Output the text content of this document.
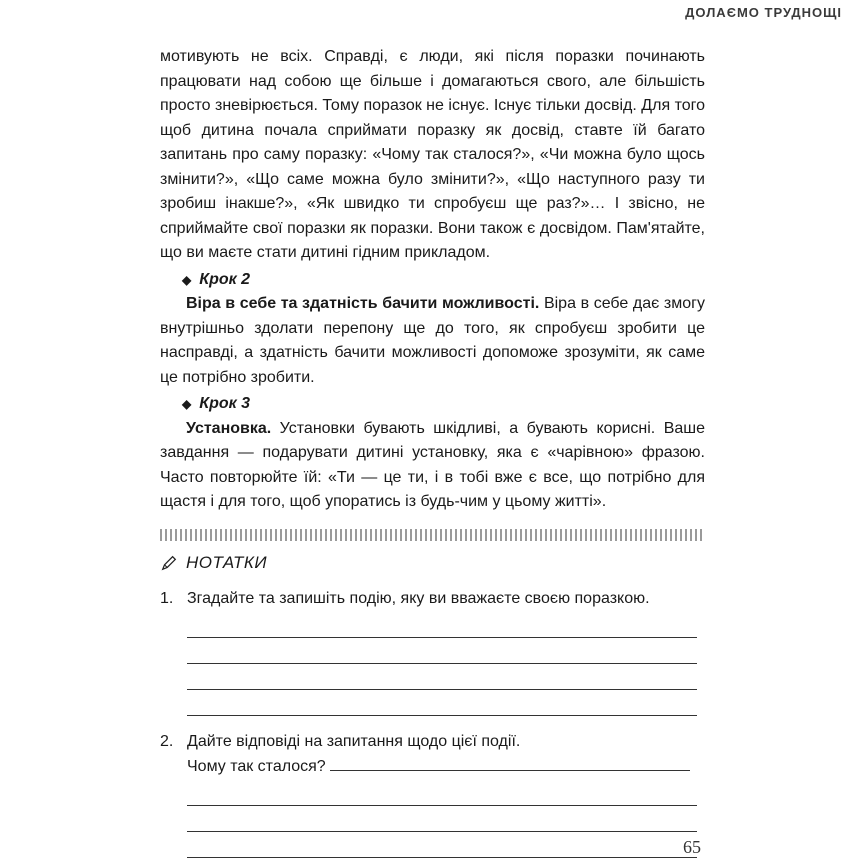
ДОЛАЄМО ТРУДНОЩІ

мотивують не всіх. Справді, є люди, які після поразки починають працювати над собою ще більше і домагаються свого, але більшість просто зневірюється. Тому поразок не існує. Існує тільки досвід. Для того щоб дитина почала сприймати поразку як досвід, ставте їй багато запитань про саму поразку: «Чому так сталося?», «Чи можна було щось змінити?», «Що саме можна було змінити?», «Що наступного разу ти зробиш інакше?», «Як швидко ти спробуєш ще раз?»… І звісно, не сприймайте свої поразки як поразки. Вони також є досвідом. Пам'ятайте, що ви маєте стати дитині гідним прикладом.

◆ Крок 2

Віра в себе та здатність бачити можливості. Віра в себе дає змогу внутрішньо здолати перепону ще до того, як спробуєш зробити це насправді, а здатність бачити можливості допоможе зрозуміти, як саме це потрібно зробити.

◆ Крок 3

Установка. Установки бувають шкідливі, а бувають корисні. Ваше завдання — подарувати дитині установку, яка є «чарівною» фразою. Часто повторюйте їй: «Ти — це ти, і в тобі вже є все, що потрібно для щастя і для того, щоб упоратись із будь-чим у цьому житті».

НОТАТКИ
1. Згадайте та запишіть подію, яку ви вважаєте своєю поразкою.
2. Дайте відповіді на запитання щодо цієї події.
Чому так сталося?
65
